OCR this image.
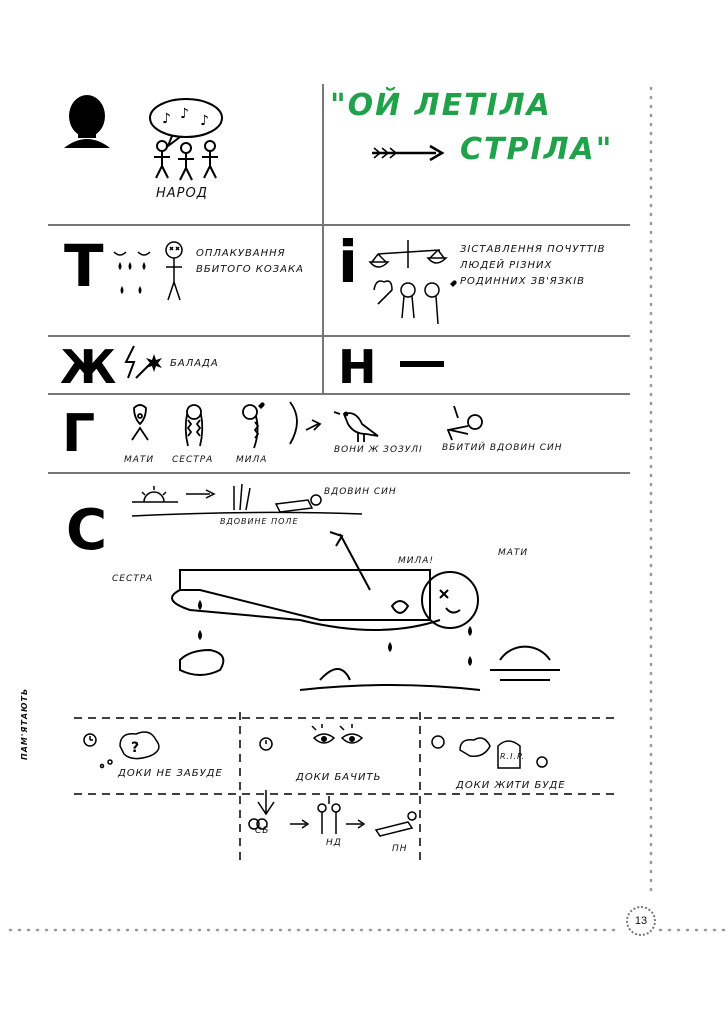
13
♪ ♪ ♪
НАРОД
"ОЙ ЛЕТІЛА
СТРІЛА"
Т	ОПЛАКУВАННЯ ВБИТОГО КОЗАКА і	ЗІСТАВЛЕННЯ ПОЧУТТІВ ЛЮДЕЙ РІЗНИХ РОДИННИХ ЗВ'ЯЗКІВ
Ж	БАЛАДА	Н
Г	МАТИ СЕСТРА	МИЛА
ВОНИ Ж ЗОЗУЛІ ВБИТИЙ ВДОВИН СИН
С
ВДОВИН СИН
ВДОВИНЕ ПОЛЕ
СЕСТРА
МИЛА!
МАТИ
ПАМ'ЯТАЮТЬ
ДОКИ НЕ ЗАБУДЕ	ДОКИ БАЧИТЬ
ДОКИ ЖИТИ БУДЕ
R.I.P.
СБ
НД
ПН
?
